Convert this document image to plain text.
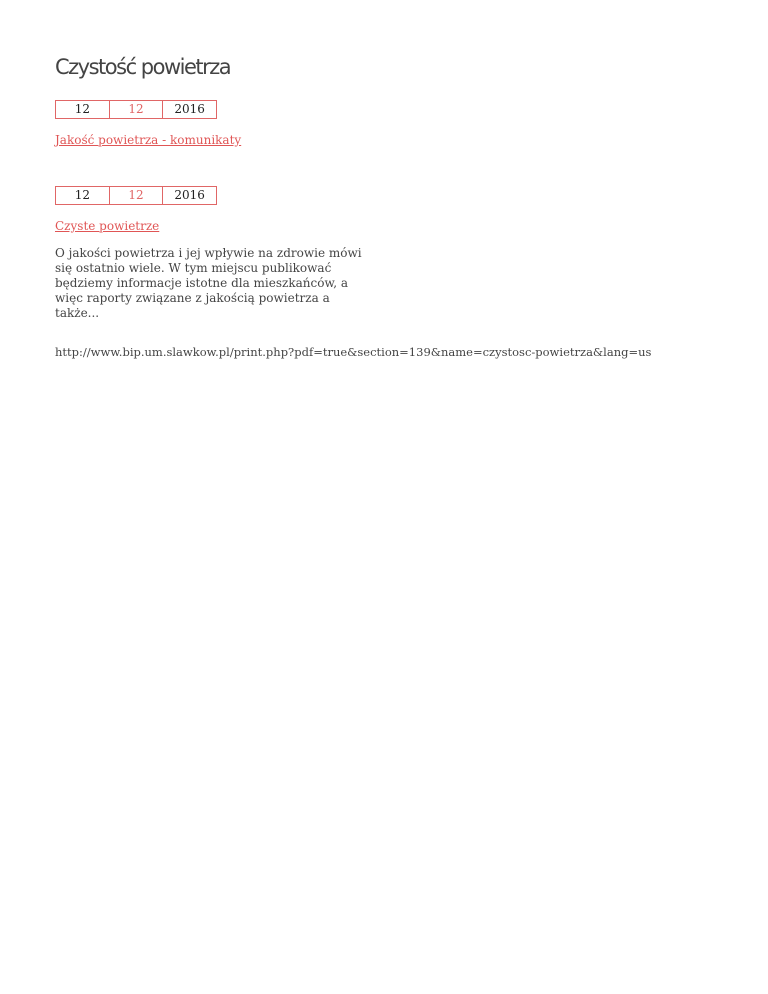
Czystość powietrza
12	12	2016
Jakość powietrza - komunikaty
12	12	2016
Czyste powietrze

O jakości powietrza i jej wpływie na zdrowie mówi się ostatnio wiele. W tym miejscu publikować będziemy informacje istotne dla mieszkańców, a więc raporty związane z jakością powietrza a także...

http://www.bip.um.slawkow.pl/print.php?pdf=true&section=139&name=czystosc-powietrza&lang=us
